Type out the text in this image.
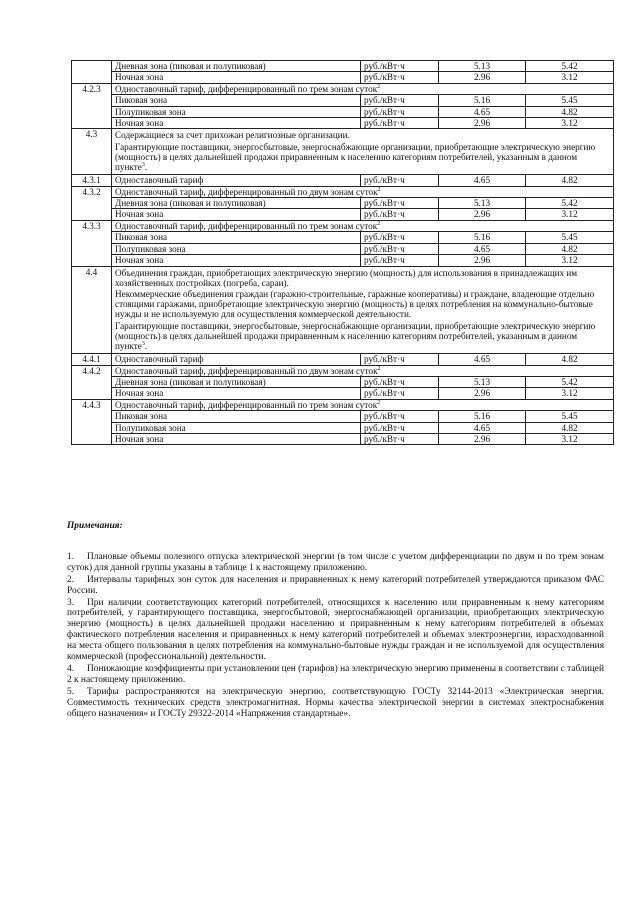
	Дневная зона (пиковая и полупиковая)	руб./кВт·ч	5.13	5.42
	Ночная зона	руб./кВт·ч	2.96	3.12
4.2.3	Одноставочный тариф, дифференцированный по трем зонам суток$^2$
	Пиковая зона	руб./кВт·ч	5.16	5.45
	Полупиковая зона	руб./кВт·ч	4.65	4.82
	Ночная зона	руб./кВт·ч	2.96	3.12
4.3	Содержащиеся за счет прихожан религиозные организации.

Гарантирующие поставщики, энергосбытовые, энергоснабжающие организации, приобретающие электрическую энергию (мощность) в целях дальнейшей продажи приравненным к населению категориям потребителей, указанным в данном пункте$^3$.			

4.3.1	Одноставочный тариф	руб./кВт·ч	4.65	4.82
4.3.2	Одноставочный тариф, дифференцированный по двум зонам суток$^2$
	Дневная зона (пиковая и полупиковая)	руб./кВт·ч	5.13	5.42
	Ночная зона	руб./кВт·ч	2.96	3.12
4.3.3	Одноставочный тариф, дифференцированный по трем зонам суток$^2$
	Пиковая зона	руб./кВт·ч	5.16	5.45
	Полупиковая зона	руб./кВт·ч	4.65	4.82
	Ночная зона	руб./кВт·ч	2.96	3.12
4.4	Объединения граждан, приобретающих электрическую энергию (мощность) для использования в принадлежащих им хозяйственных постройках (погреба, сараи).

Некоммерческие объединения граждан (гаражно-строительные, гаражные кооперативы) и граждане, владеющие отдельно стоящими гаражами, приобретающие электрическую энергию (мощность) в целях потребления на коммунально-бытовые нужды и не используемую для осуществления коммерческой деятельности.

Гарантирующие поставщики, энергосбытовые, энергоснабжающие организации, приобретающие электрическую энергию (мощность) в целях дальнейшей продажи приравненным к населению категориям потребителей, указанным в данном пункте$^3$.			

4.4.1	Одноставочный тариф	руб./кВт·ч	4.65	4.82
4.4.2	Одноставочный тариф, дифференцированный по двум зонам суток$^2$
	Дневная зона (пиковая и полупиковая)	руб./кВт·ч	5.13	5.42
	Ночная зона	руб./кВт·ч	2.96	3.12
4.4.3	Одноставочный тариф, дифференцированный по трем зонам суток$^2$
	Пиковая зона	руб./кВт·ч	5.16	5.45
	Полупиковая зона	руб./кВт·ч	4.65	4.82
	Ночная зона	руб./кВт·ч	2.96	3.12
Примечания:

1. Плановые объемы полезного отпуска электрической энергии (в том числе с учетом дифференциации по двум и по трем зонам суток) для данной группы указаны в таблице 1 к настоящему приложению.

2. Интервалы тарифных зон суток для населения и приравненных к нему категорий потребителей утверждаются приказом ФАС России.

3. При наличии соответствующих категорий потребителей, относящихся к населению или приравненным к нему категориям потребителей, у гарантирующего поставщика, энергосбытовой, энергоснабжающей организации, приобретающих электрическую энергию (мощность) в целях дальнейшей продажи населению и приравненным к нему категориям потребителей в объемах фактического потребления населения и приравненных к нему категорий потребителей и объемах электроэнергии, израсходованной на места общего пользования в целях потребления на коммунально-бытовые нужды граждан и не используемой для осуществления коммерческой (профессиональной) деятельности.

4. Понижающие коэффициенты при установлении цен (тарифов) на электрическую энергию применены в соответствии с таблицей 2 к настоящему приложению.

5. Тарифы распространяются на электрическую энергию, соответствующую ГОСТу 32144-2013 «Электрическая энергия. Совместимость технических средств электромагнитная. Нормы качества электрической энергии в системах электроснабжения общего назначения» и ГОСТу 29322-2014 «Напряжения стандартные».
